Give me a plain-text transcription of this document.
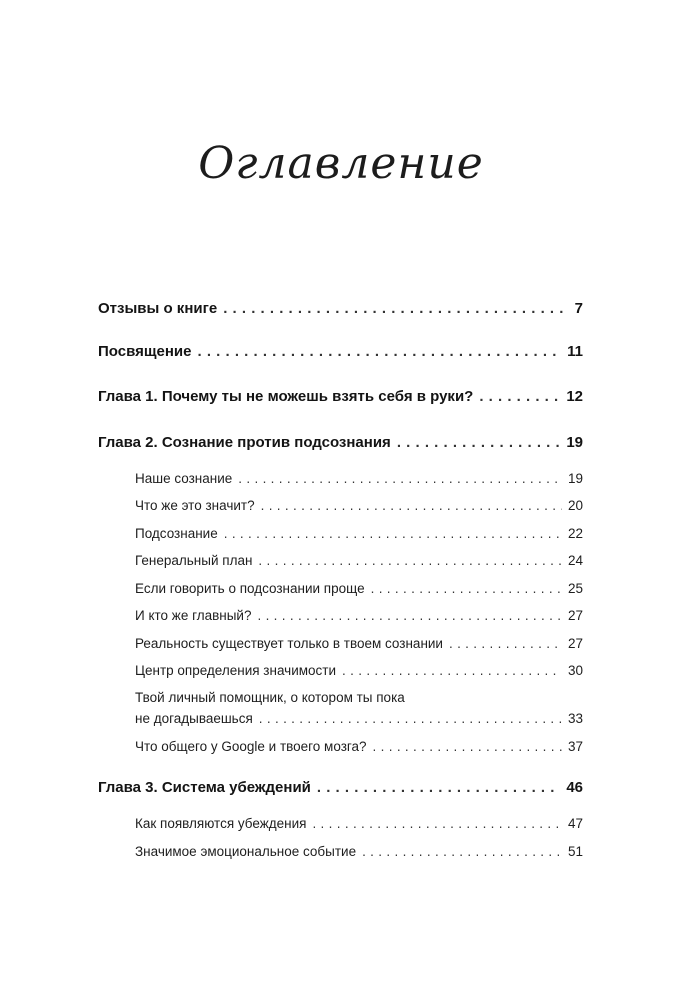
Оглавление
Отзывы о книге . . .	7
Посвящение . . .	11
Глава 1. Почему ты не можешь взять себя в руки? . . .	12
Глава 2. Сознание против подсознания . . .	19
Наше сознание . . .	19
Что же это значит? . . .	20
Подсознание . . .	22
Генеральный план . . .	24
Если говорить о подсознании проще . . .	25
И кто же главный? . . .	27
Реальность существует только в твоем сознании . . .	27
Центр определения значимости . . .	30
Твой личный помощник, о котором ты пока
не догадываешься . . .	33
Что общего у Google и твоего мозга? . . .	37
Глава 3. Система убеждений . . .	46
Как появляются убеждения . . .	47
Значимое эмоциональное событие . . .	51
